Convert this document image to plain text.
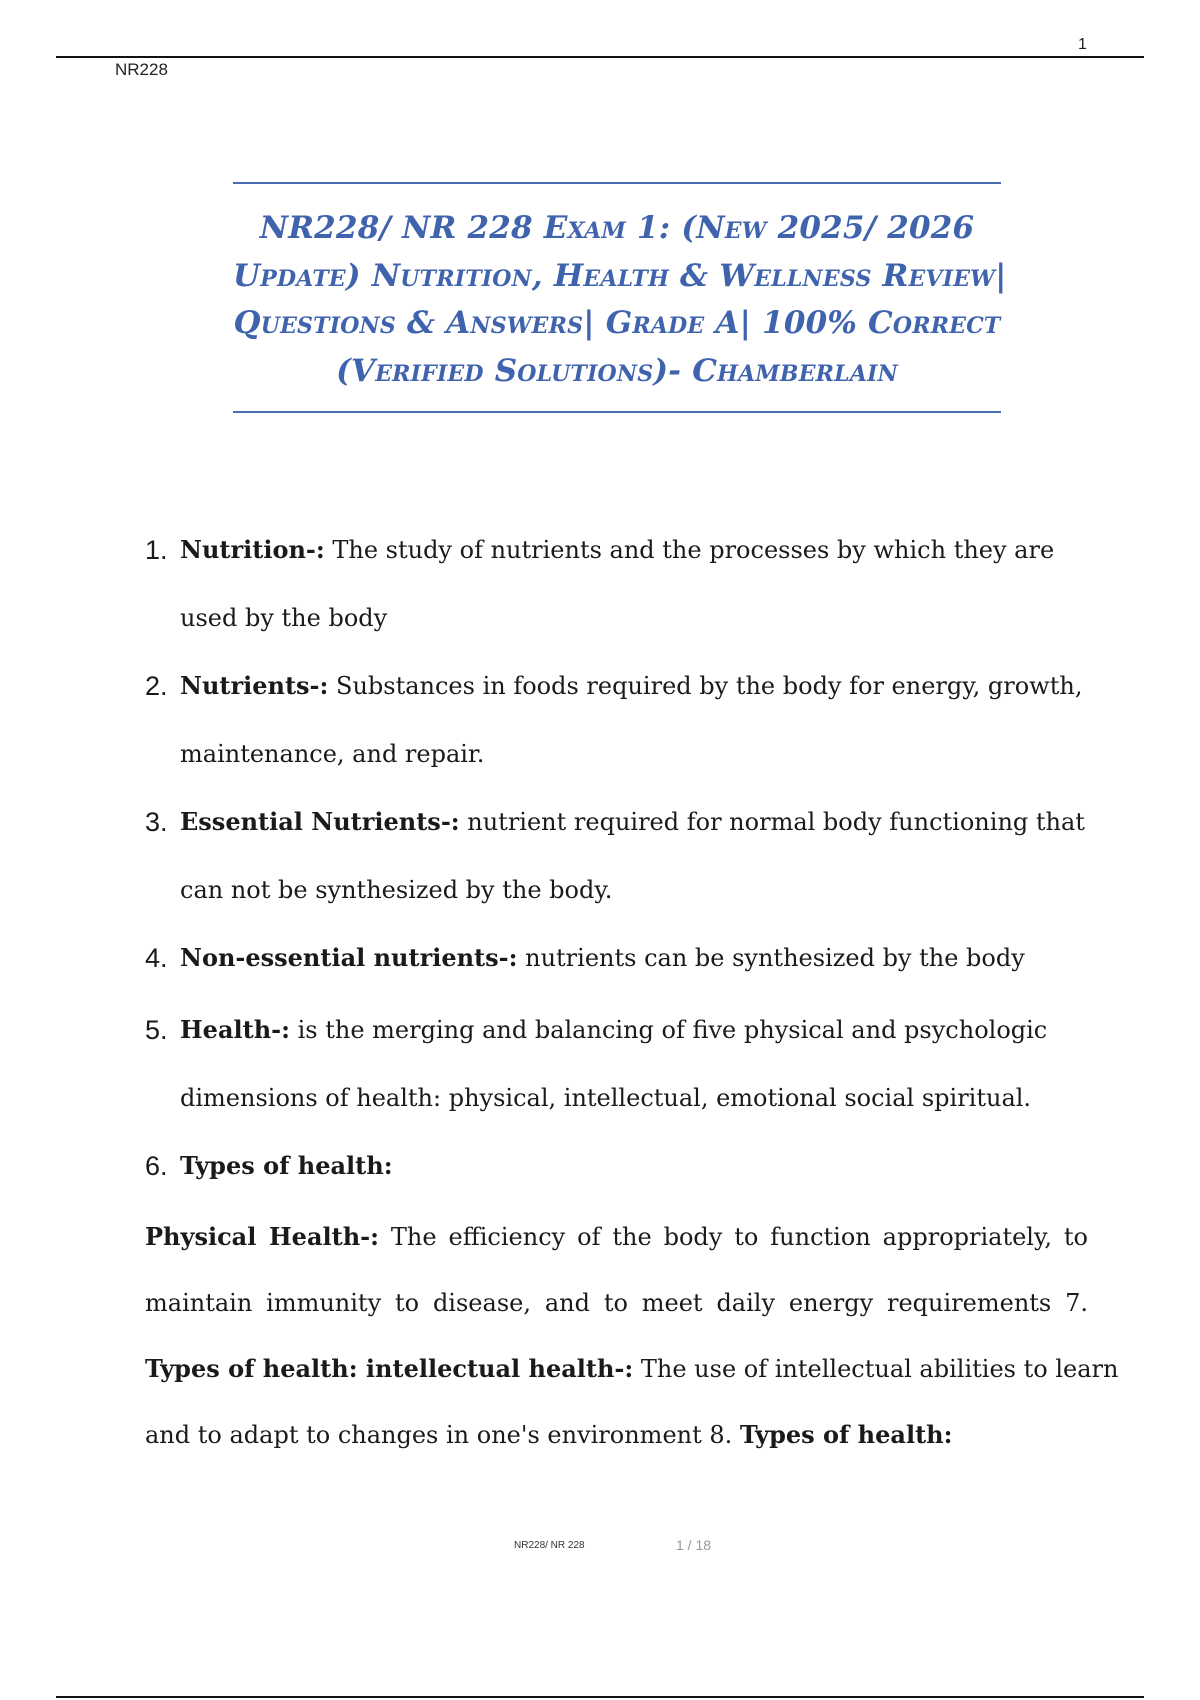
1
NR228
NR228/ NR 228 Exam 1: (New 2025/ 2026
Update) Nutrition, Health & Wellness Review|
Questions & Answers| Grade A| 100% Correct
(Verified Solutions)- Chamberlain
1. Nutrition-: The study of nutrients and the processes by which they are
used by the body
2. Nutrients-: Substances in foods required by the body for energy, growth,
maintenance, and repair.
3. Essential Nutrients-: nutrient required for normal body functioning that
can not be synthesized by the body.
4. Non-essential nutrients-: nutrients can be synthesized by the body
5. Health-: is the merging and balancing of five physical and psychologic
dimensions of health: physical, intellectual, emotional social spiritual.
6. Types of health:
Physical Health-: The efficiency of the body to function appropriately, to
maintain immunity to disease, and to meet daily energy requirements 7.
Types of health: intellectual health-: The use of intellectual abilities to learn
and to adapt to changes in one's environment 8. Types of health:
NR228/ NR 228	1 / 18
